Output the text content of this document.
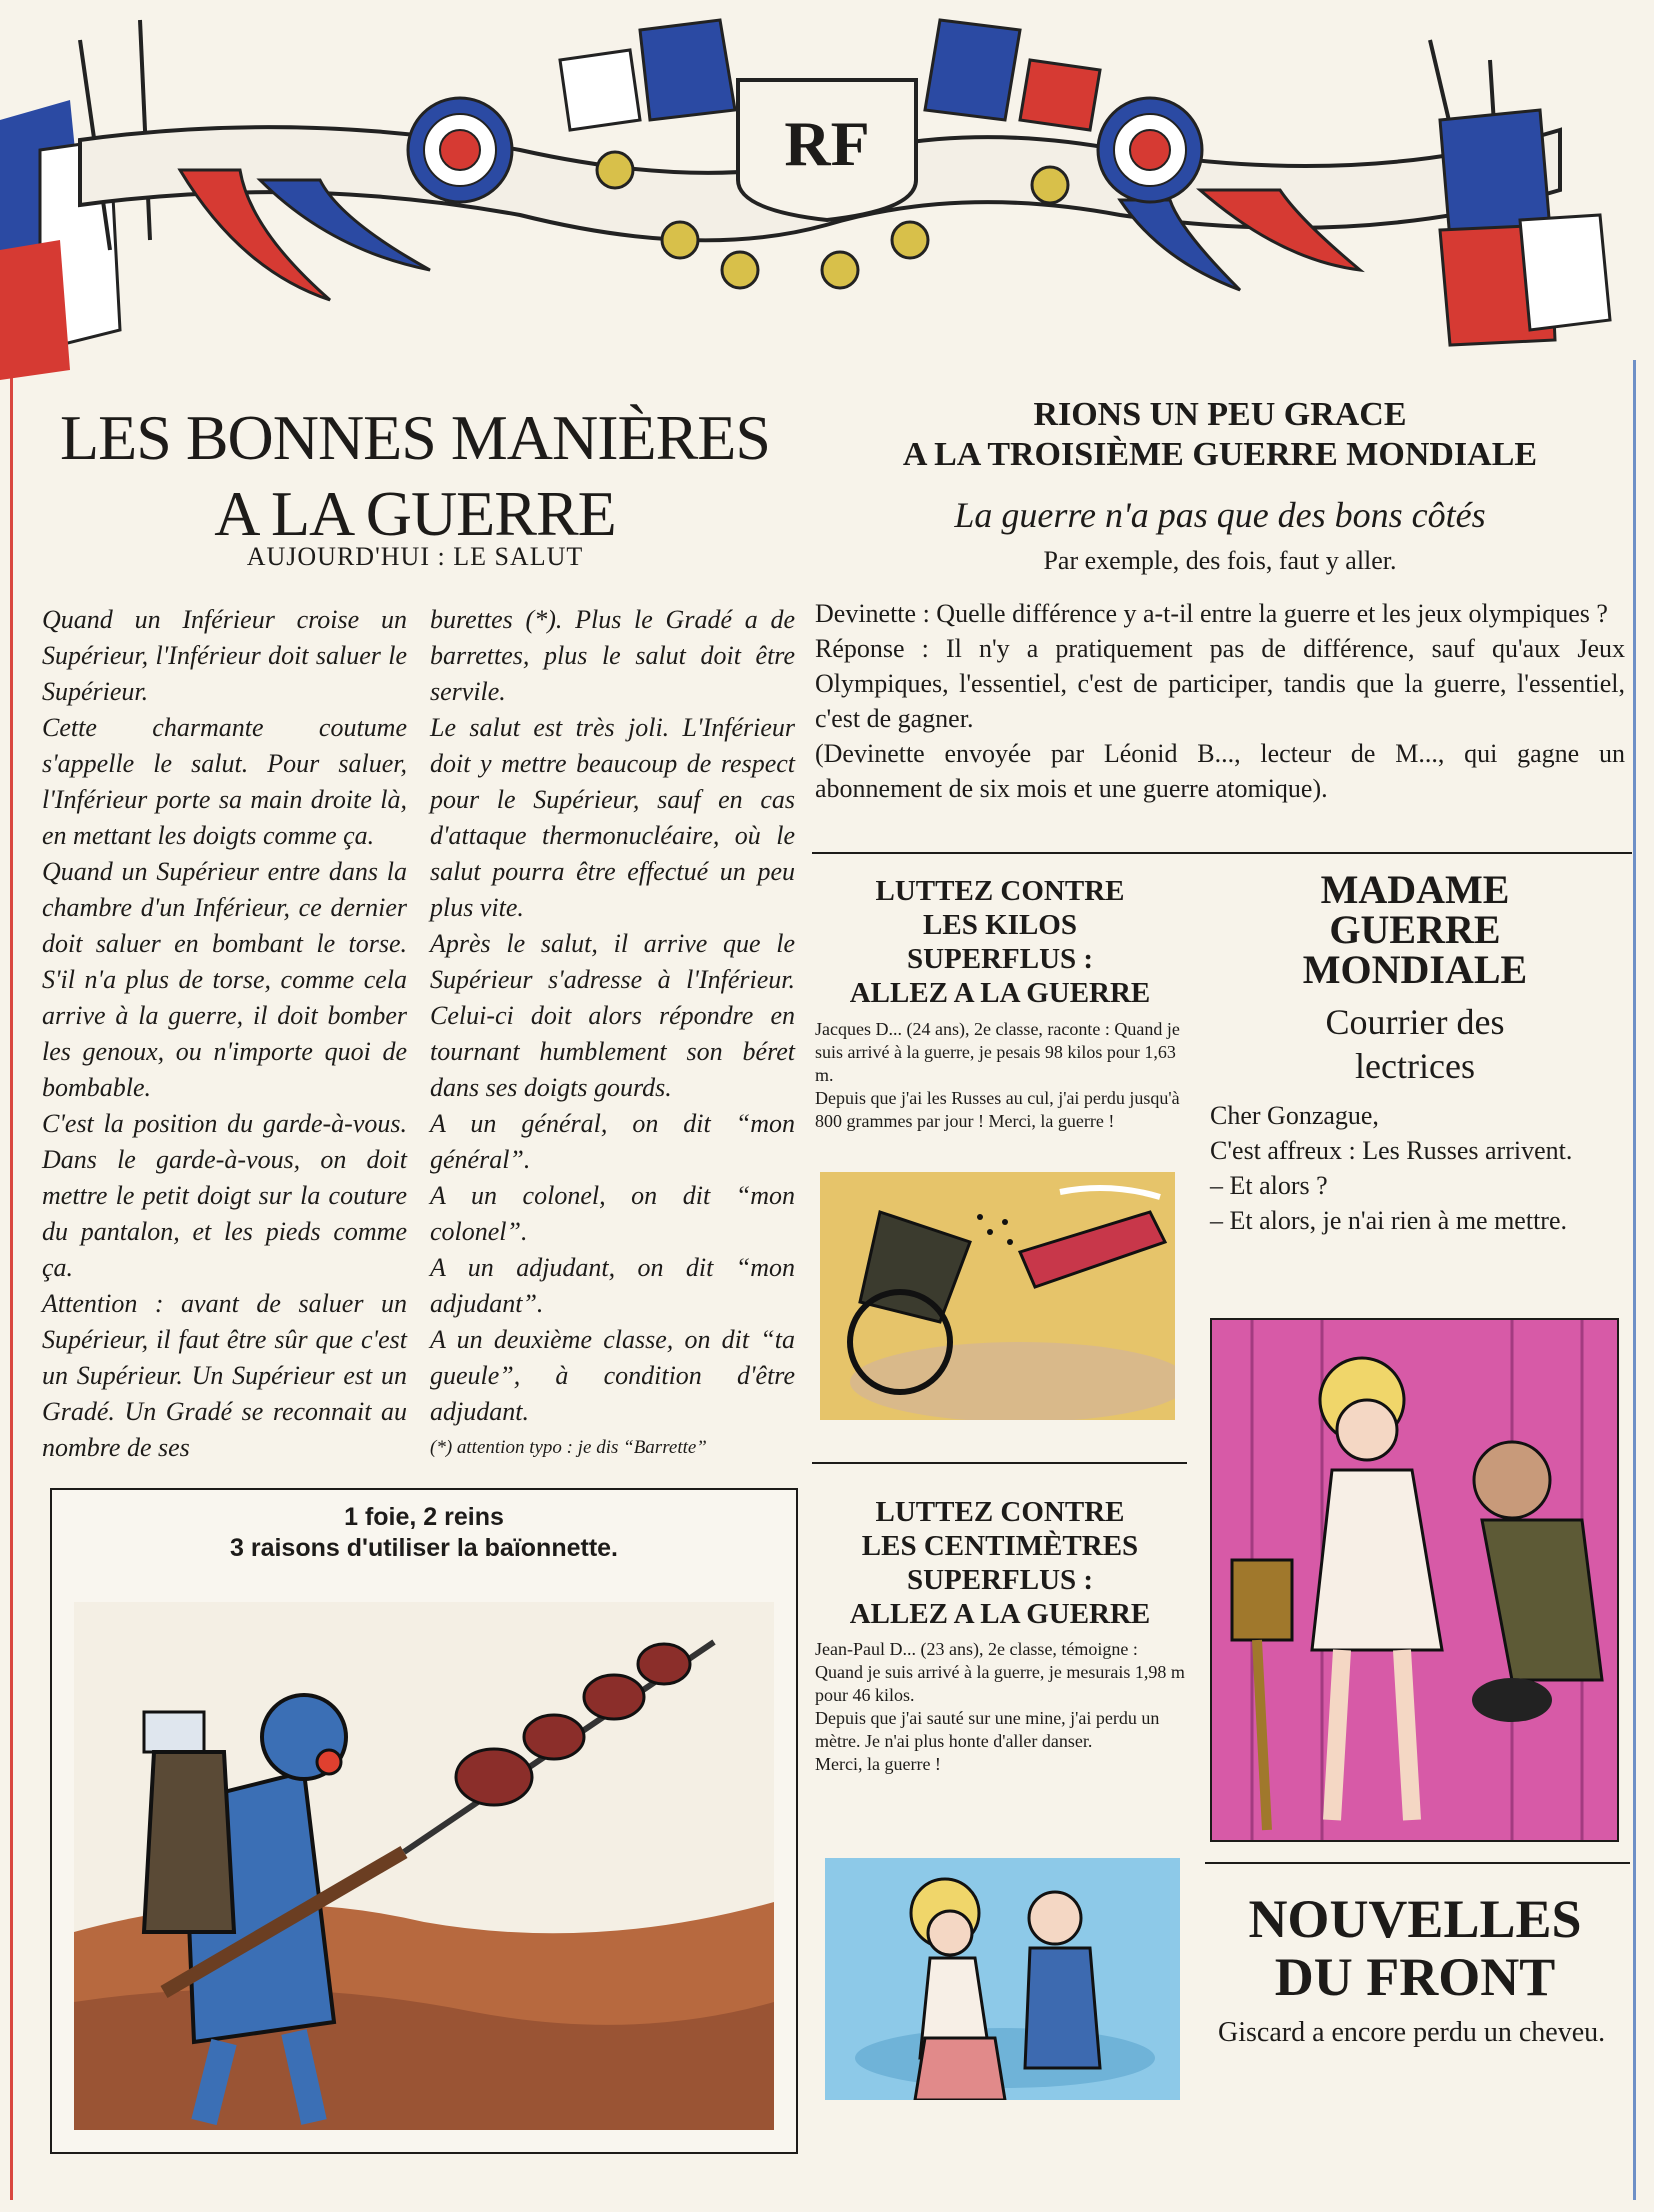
RF
LES BONNES MANIÈRES
A LA GUERRE
AUJOURD'HUI : LE SALUT

Quand un Inférieur croise un Supérieur, l'Inférieur doit saluer le Supérieur.

Cette charmante coutume s'appelle le salut. Pour saluer, l'Inférieur porte sa main droite là, en mettant les doigts comme ça.

Quand un Supérieur entre dans la chambre d'un Inférieur, ce dernier doit saluer en bombant le torse. S'il n'a plus de torse, comme cela arrive à la guerre, il doit bomber les genoux, ou n'importe quoi de bombable.

C'est la position du garde-à-vous. Dans le garde-à-vous, on doit mettre le petit doigt sur la couture du pantalon, et les pieds comme ça.

Attention : avant de saluer un Supérieur, il faut être sûr que c'est un Supérieur. Un Supérieur est un Gradé. Un Gradé se reconnait au nombre de ses

burettes (*). Plus le Gradé a de barrettes, plus le salut doit être servile.

Le salut est très joli. L'Inférieur doit y mettre beaucoup de respect pour le Supérieur, sauf en cas d'attaque thermonucléaire, où le salut pourra être effectué un peu plus vite.

Après le salut, il arrive que le Supérieur s'adresse à l'Inférieur. Celui-ci doit alors répondre en tournant humblement son béret dans ses doigts gourds.

A un général, on dit “mon général”.

A un colonel, on dit “mon colonel”.

A un adjudant, on dit “mon adjudant”.

A un deuxième classe, on dit “ta gueule”, à condition d'être adjudant.

(*) attention typo : je dis “Barrette”

RIONS UN PEU GRACE
A LA TROISIÈME GUERRE MONDIALE
La guerre n'a pas que des bons côtés
Par exemple, des fois, faut y aller.

Devinette : Quelle différence y a-t-il entre la guerre et les jeux olympiques ?

Réponse : Il n'y a pratiquement pas de différence, sauf qu'aux Jeux Olympiques, l'essentiel, c'est de participer, tandis que la guerre, l'essentiel, c'est de gagner.

(Devinette envoyée par Léonid B..., lecteur de M..., qui gagne un abonnement de six mois et une guerre atomique).

LUTTEZ CONTRE
LES KILOS
SUPERFLUS :
ALLEZ A LA GUERRE

Jacques D... (24 ans), 2e classe, raconte : Quand je suis arrivé à la guerre, je pesais 98 kilos pour 1,63 m.

Depuis que j'ai les Russes au cul, j'ai perdu jusqu'à 800 grammes par jour ! Merci, la guerre !

MADAME
GUERRE
MONDIALE
Courrier des
lectrices

Cher Gonzague,

C'est affreux : Les Russes arrivent.

– Et alors ?

– Et alors, je n'ai rien à me mettre.

LUTTEZ CONTRE
LES CENTIMÈTRES
SUPERFLUS :
ALLEZ A LA GUERRE

Jean-Paul D... (23 ans), 2e classe, témoigne :

Quand je suis arrivé à la guerre, je mesurais 1,98 m pour 46 kilos.

Depuis que j'ai sauté sur une mine, j'ai perdu un mètre. Je n'ai plus honte d'aller danser.

Merci, la guerre !

NOUVELLES
DU FRONT
Giscard a encore perdu un cheveu.
1 foie, 2 reins
3 raisons d'utiliser la baïonnette.
